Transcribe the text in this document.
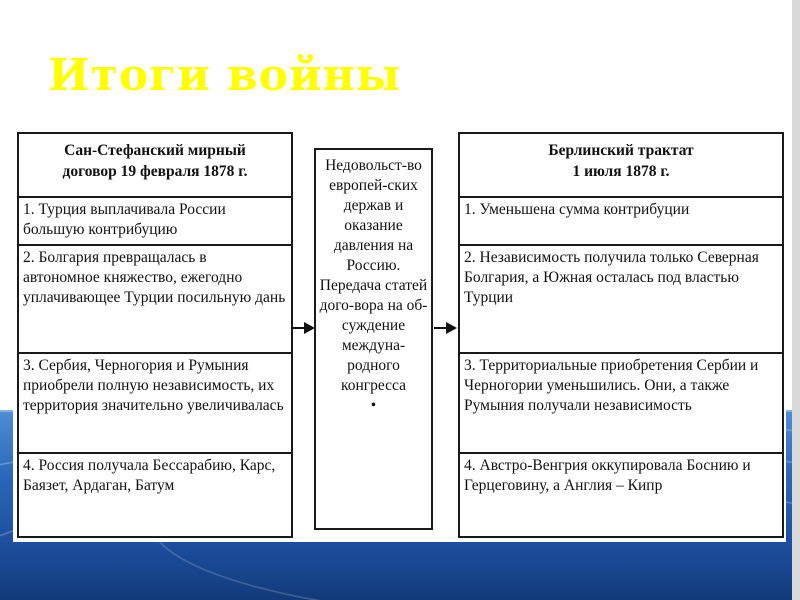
Итоги войны
Сан-Стефанский мирный
договор 19 февраля 1878 г.
1. Турция выплачивала России большую контрибуцию
2. Болгария превращалась в автономное княжество, ежегодно уплачивающее Турции посильную дань
3. Сербия, Черногория и Румыния приобрели полную независимость, их территория значительно увеличивалась
4. Россия получала Бессарабию, Карс, Баязет, Ардаган, Батум
Недовольст-во европей-ских держав и оказание давления на Россию. Передача статей дого-вора на об-суждение междуна-родного конгресса
•
Берлинский трактат
1 июля 1878 г.
1. Уменьшена сумма контрибуции
2. Независимость получила только Северная Болгария, а Южная осталась под властью Турции
3. Территориальные приобретения Сербии и Черногории уменьшились. Они, а также Румыния получали независимость
4. Австро-Венгрия оккупировала Боснию и Герцеговину, а Англия – Кипр
